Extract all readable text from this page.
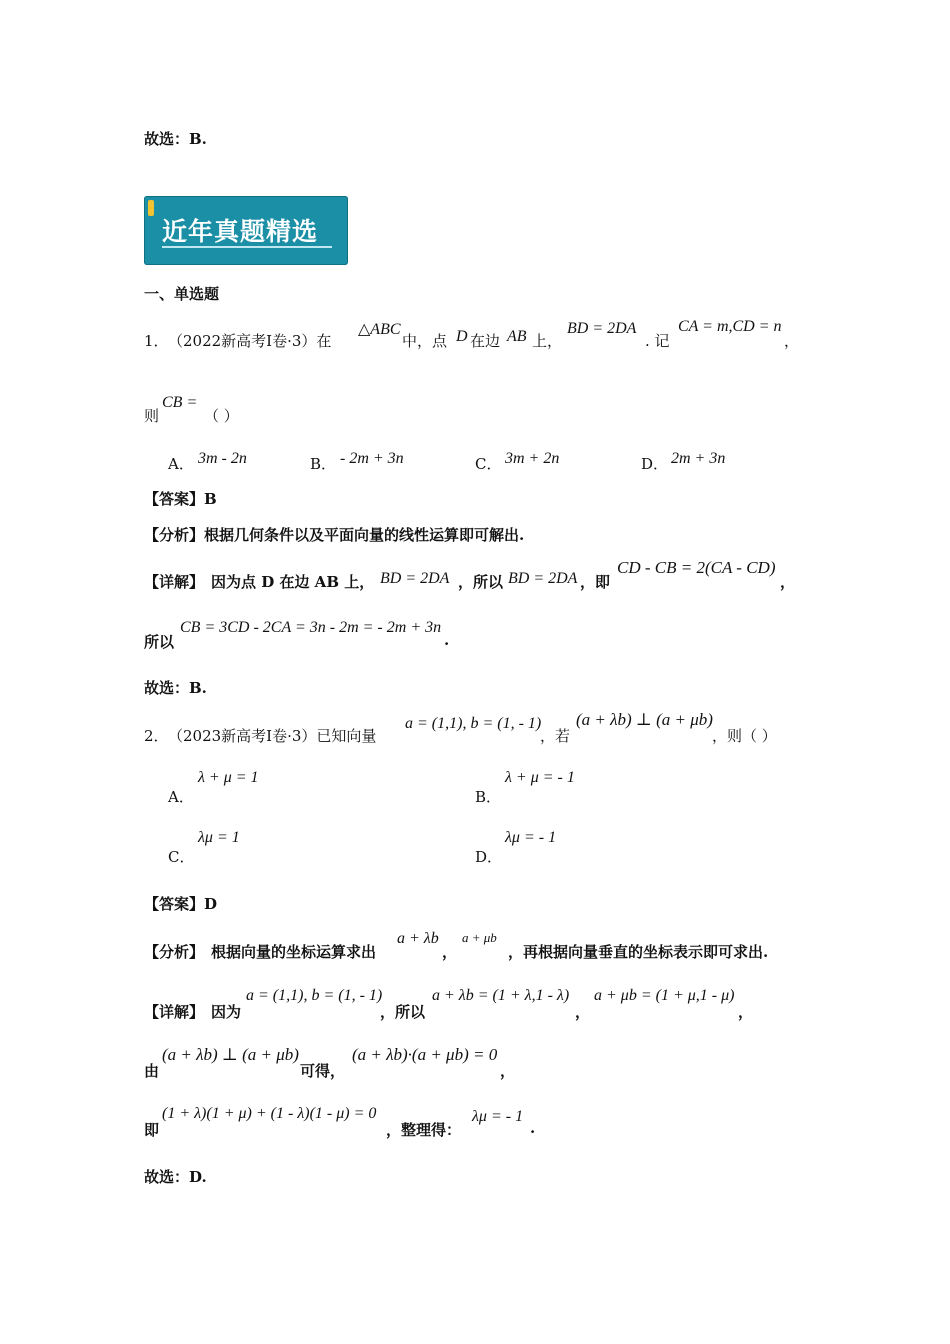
故选：B.
近年真题精选
一、单选题
1． （2022新高考Ⅰ卷·3）在
△ABC
中，点 D 在边 AB 上，
BD = 2DA
. 记
CA = m,CD = n
，
则
CB =
（ ）
A． 3m - 2n	B． - 2m + 3n	C． 3m + 2n	D． 2m + 3n
【答案】B
【分析】根据几何条件以及平面向量的线性运算即可解出.
【详解】 因为点 D 在边 AB 上， BD = 2DA ，所以 BD = 2DA ，即
CD - CB = 2(CA - CD)
，
所以
CB = 3CD - 2CA = 3n - 2m = - 2m + 3n
.
故选：B.
2． （2023新高考Ⅰ卷·3）已知向量
a = (1,1), b = (1, - 1)
，若
(a + λb) ⊥ (a + μb)
，则（ ）
A．
λ + μ = 1
B．
λ + μ = - 1
C．
λμ = 1
D．
λμ = - 1
【答案】D
【分析】 根据向量的坐标运算求出
a + λb
，
a + μb
，再根据向量垂直的坐标表示即可求出.
【详解】 因为
a = (1,1), b = (1, - 1)
，所以
a + λb = (1 + λ,1 - λ)
，
a + μb = (1 + μ,1 - μ)
，
由
(a + λb) ⊥ (a + μb)
可得，
(a + λb)·(a + μb) = 0
，
即
(1 + λ)(1 + μ) + (1 - λ)(1 - μ) = 0
，整理得：
λμ = - 1
.
故选：D.
